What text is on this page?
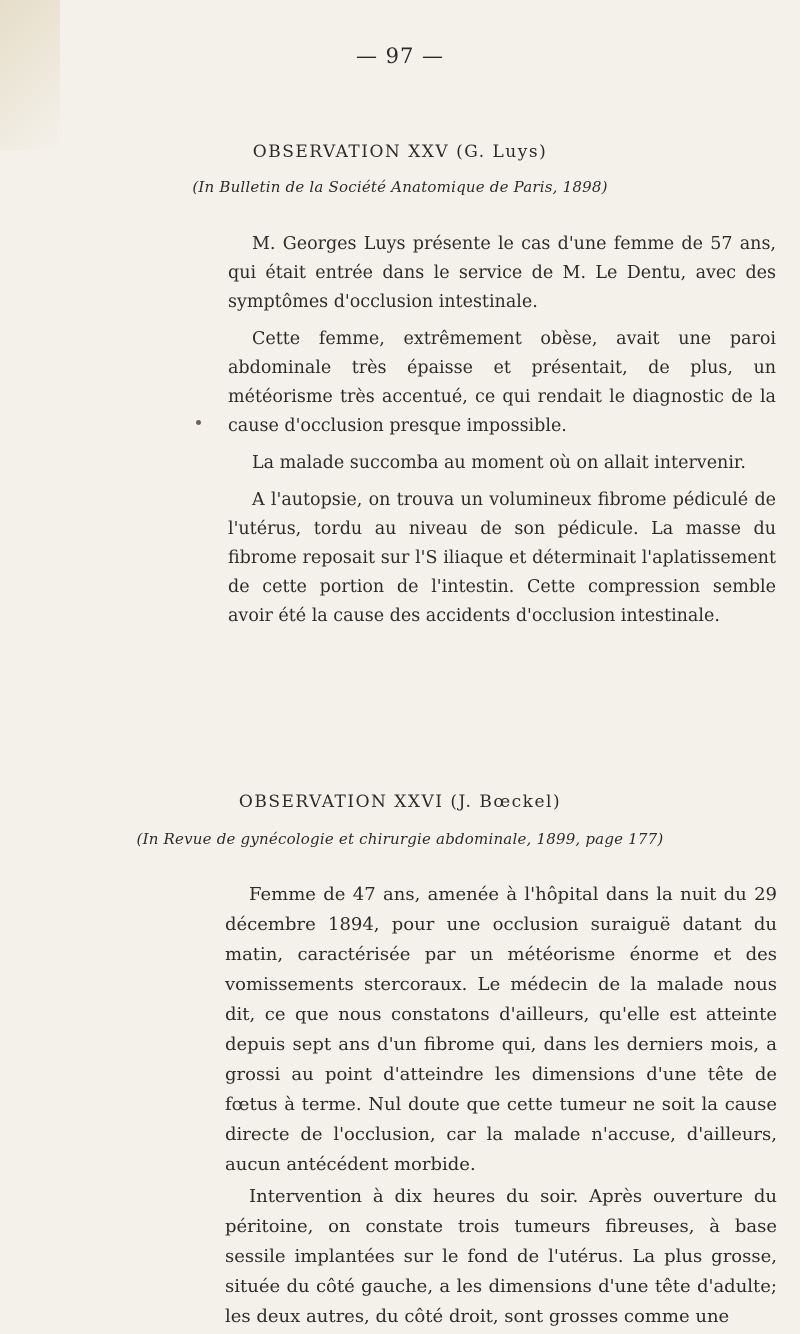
— 97 —
OBSERVATION XXV (G. Luys)
(In Bulletin de la Société Anatomique de Paris, 1898)

M. Georges Luys présente le cas d'une femme de 57 ans, qui était entrée dans le service de M. Le Dentu, avec des symptômes d'occlusion intestinale.

Cette femme, extrêmement obèse, avait une paroi abdominale très épaisse et présentait, de plus, un météorisme très accentué, ce qui rendait le diagnostic de la cause d'occlusion presque impossible.

La malade succomba au moment où on allait intervenir.

A l'autopsie, on trouva un volumineux fibrome pédiculé de l'utérus, tordu au niveau de son pédicule. La masse du fibrome reposait sur l'S iliaque et déterminait l'aplatissement de cette portion de l'intestin. Cette compression semble avoir été la cause des accidents d'occlusion intestinale.

OBSERVATION XXVI (J. Bœckel)
(In Revue de gynécologie et chirurgie abdominale, 1899, page 177)

Femme de 47 ans, amenée à l'hôpital dans la nuit du 29 décembre 1894, pour une occlusion suraiguë datant du matin, caractérisée par un météorisme énorme et des vomissements stercoraux. Le médecin de la malade nous dit, ce que nous constatons d'ailleurs, qu'elle est atteinte depuis sept ans d'un fibrome qui, dans les derniers mois, a grossi au point d'atteindre les dimensions d'une tête de fœtus à terme. Nul doute que cette tumeur ne soit la cause directe de l'occlusion, car la malade n'accuse, d'ailleurs, aucun antécédent morbide.

Intervention à dix heures du soir. Après ouverture du péritoine, on constate trois tumeurs fibreuses, à base sessile implantées sur le fond de l'utérus. La plus grosse, située du côté gauche, a les dimensions d'une tête d'adulte; les deux autres, du côté droit, sont grosses comme une
